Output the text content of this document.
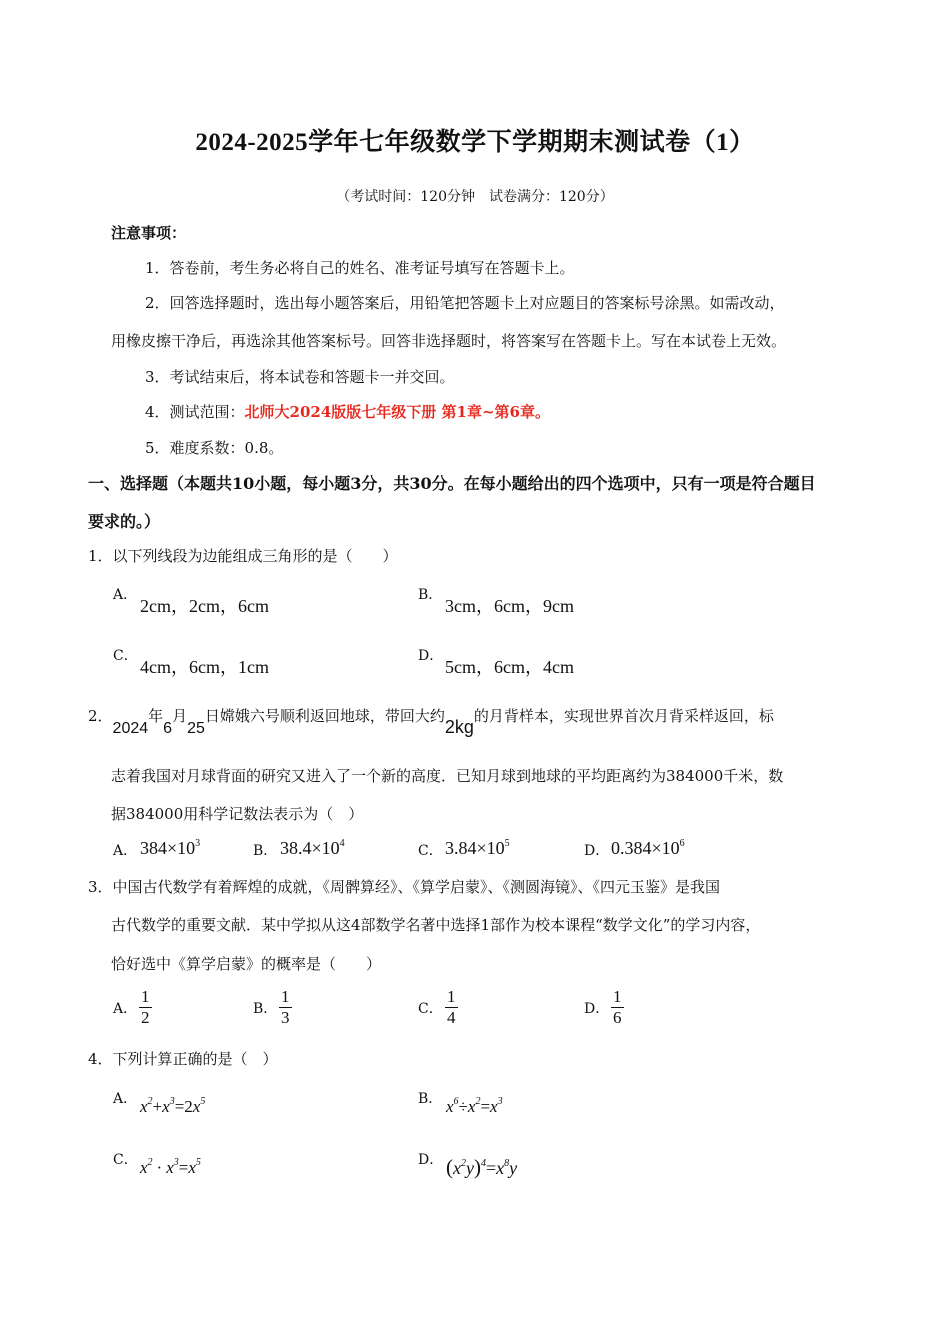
2024-2025学年七年级数学下学期期末测试卷（1）
（考试时间：120分钟　试卷满分：120分）
注意事项：
1．答卷前，考生务必将自己的姓名、准考证号填写在答题卡上。
2．回答选择题时，选出每小题答案后，用铅笔把答题卡上对应题目的答案标号涂黑。如需改动，
用橡皮擦干净后，再选涂其他答案标号。回答非选择题时，将答案写在答题卡上。写在本试卷上无效。
3．考试结束后，将本试卷和答题卡一并交回。
4．测试范围：北师大2024版版七年级下册 第1章~第6章。
5．难度系数：0.8。
一、选择题（本题共10小题，每小题3分，共30分。在每小题给出的四个选项中，只有一项是符合题目
要求的。）
1．以下列线段为边能组成三角形的是（　　）
A．
2cm，2cm，6cm
B．
3cm，6cm，9cm
C．
4cm，6cm，1cm
D．
5cm，6cm，4cm
2．2024年6月25日嫦娥六号顺利返回地球，带回大约2kg的月背样本，实现世界首次月背采样返回，标
志着我国对月球背面的研究又进入了一个新的高度．已知月球到地球的平均距离约为384000千米，数
据384000用科学记数法表示为（　）
A． $384\times 10^3$	B． $38.4\times 10^4$	C． $3.84\times 10^5$	D． $0.384\times 10^6$
3．中国古代数学有着辉煌的成就，《周髀算经》、《算学启蒙》、《测圆海镜》、《四元玉鉴》是我国
古代数学的重要文献．某中学拟从这4部数学名著中选择1部作为校本课程“数学文化”的学习内容，
恰好选中《算学启蒙》的概率是（　　）
A． $\frac{1}{2}$	B． $\frac{1}{3}$	C． $\frac{1}{4}$	D． $\frac{1}{6}$
4．下列计算正确的是（　）
A． $x^2+x^3=2x^5$	B． $x^6\div x^2=x^3$
C． $x^2 \cdot x^3=x^5$	D． $(x^2y)^4=x^8y$
